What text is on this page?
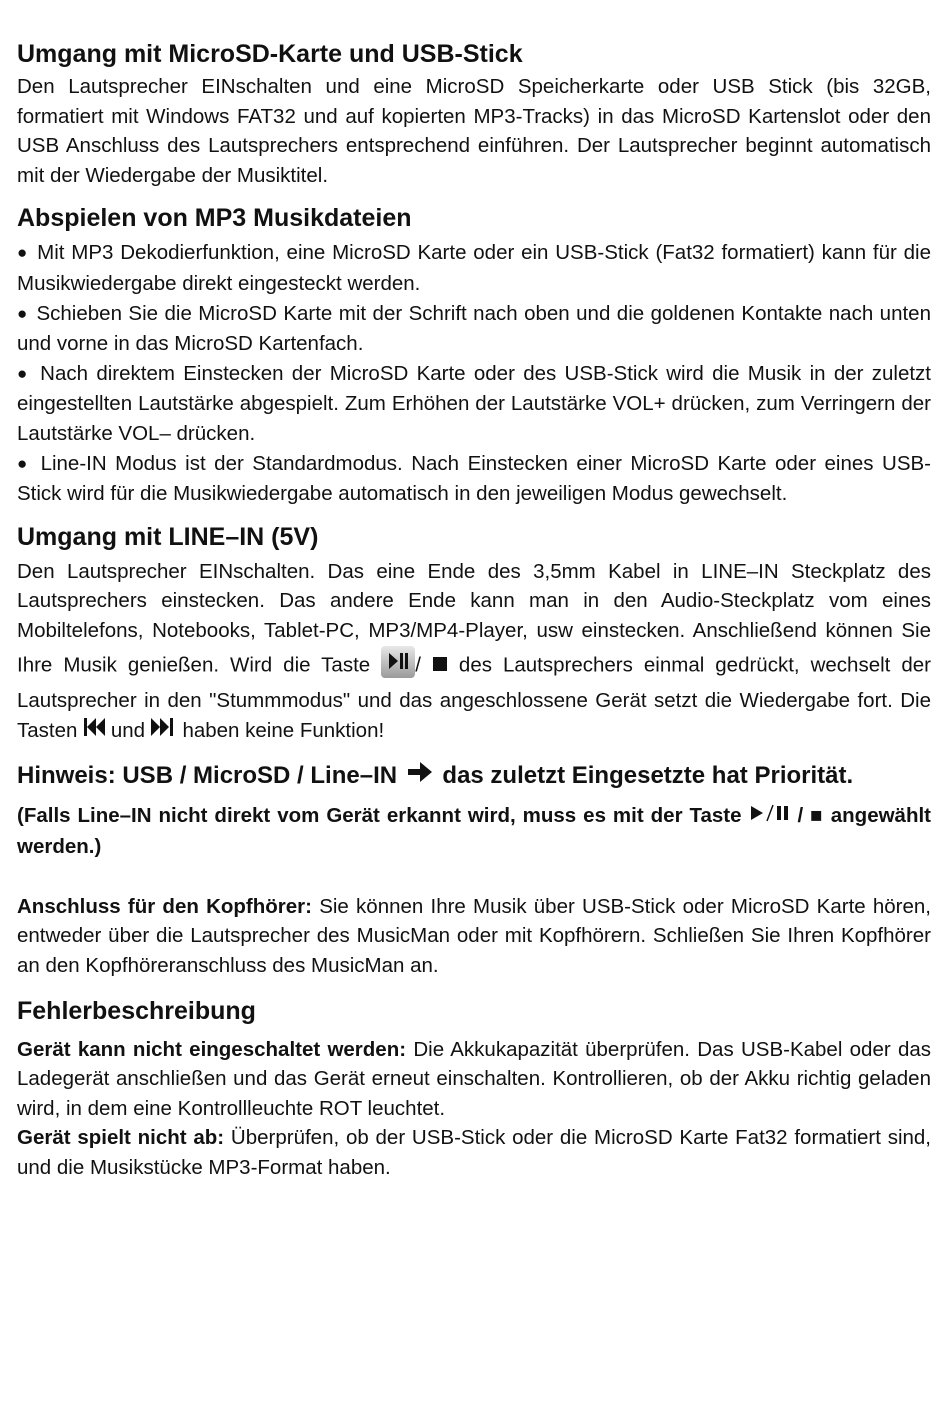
Umgang mit MicroSD-Karte und USB-Stick

Den Lautsprecher EINschalten und eine MicroSD Speicherkarte oder USB Stick (bis 32GB, formatiert mit Windows FAT32 und auf kopierten MP3-Tracks) in das MicroSD Kartenslot oder den USB Anschluss des Lautsprechers entsprechend einführen. Der Lautsprecher beginnt automatisch mit der Wiedergabe der Musiktitel.

Abspielen von MP3 Musikdateien

● Mit MP3 Dekodierfunktion, eine MicroSD Karte oder ein USB-Stick (Fat32 formatiert) kann für die Musikwiedergabe direkt eingesteckt werden.

● Schieben Sie die MicroSD Karte mit der Schrift nach oben und die goldenen Kontakte nach unten und vorne in das MicroSD Kartenfach.

● Nach direktem Einstecken der MicroSD Karte oder des USB-Stick wird die Musik in der zuletzt eingestellten Lautstärke abgespielt. Zum Erhöhen der Lautstärke VOL+ drücken, zum Verringern der Lautstärke VOL– drücken.

● Line-IN Modus ist der Standardmodus. Nach Einstecken einer MicroSD Karte oder eines USB-Stick wird für die Musikwiedergabe automatisch in den jeweiligen Modus gewechselt.

Umgang mit LINE–IN (5V)

Den Lautsprecher EINschalten. Das eine Ende des 3,5mm Kabel in LINE–IN Steckplatz des Lautsprechers einstecken. Das andere Ende kann man in den Audio-Steckplatz vom eines Mobiltelefons, Notebooks, Tablet-PC, MP3/MP4-Player, usw einstecken. Anschließend können Sie Ihre Musik genießen. Wird die Taste / des Lautsprechers einmal gedrückt, wechselt der Lautsprecher in den "Stummmodus" und das angeschlossene Gerät setzt die Wiedergabe fort. Die Tasten und haben keine Funktion!

Hinweis: USB / MicroSD / Line–IN das zuletzt Eingesetzte hat Priorität.

(Falls Line–IN nicht direkt vom Gerät erkannt wird, muss es mit der Taste	/ ■ angewählt werden.)

Anschluss für den Kopfhörer: Sie können Ihre Musik über USB-Stick oder MicroSD Karte hören, entweder über die Lautsprecher des MusicMan oder mit Kopfhörern. Schließen Sie Ihren Kopfhörer an den Kopfhöreranschluss des MusicMan an.

Fehlerbeschreibung

Gerät kann nicht eingeschaltet werden: Die Akkukapazität überprüfen. Das USB-Kabel oder das Ladegerät anschließen und das Gerät erneut einschalten. Kontrollieren, ob der Akku richtig geladen wird, in dem eine Kontrollleuchte ROT leuchtet.

Gerät spielt nicht ab: Überprüfen, ob der USB-Stick oder die MicroSD Karte Fat32 formatiert sind, und die Musikstücke MP3-Format haben.
